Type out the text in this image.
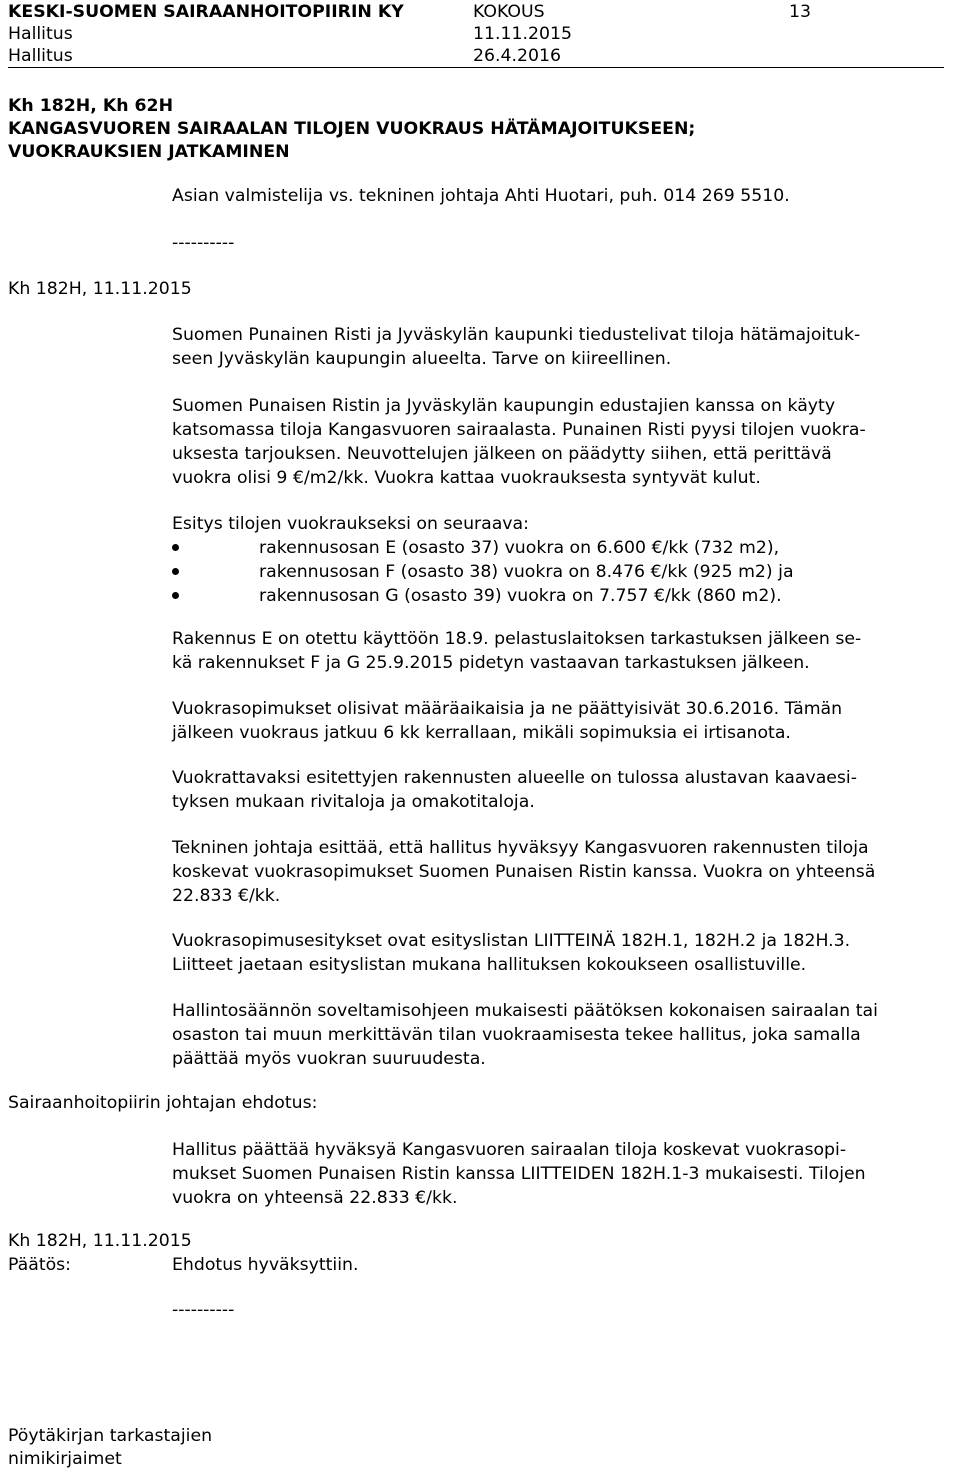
KESKI-SUOMEN SAIRAANHOITOPIIRIN KY	KOKOUS	13
Hallitus	11.11.2015
Hallitus	26.4.2016
Kh 182H, Kh 62H
KANGASVUOREN SAIRAALAN TILOJEN VUOKRAUS HÄTÄMAJOITUKSEEN;
VUOKRAUKSIEN JATKAMINEN
Asian valmistelija vs. tekninen johtaja Ahti Huotari, puh. 014 269 5510.
----------
Kh 182H, 11.11.2015
Suomen Punainen Risti ja Jyväskylän kaupunki tiedustelivat tiloja hätämajoituk-
seen Jyväskylän kaupungin alueelta. Tarve on kiireellinen.
Suomen Punaisen Ristin ja Jyväskylän kaupungin edustajien kanssa on käyty
katsomassa tiloja Kangasvuoren sairaalasta. Punainen Risti pyysi tilojen vuokra-
uksesta tarjouksen. Neuvottelujen jälkeen on päädytty siihen, että perittävä
vuokra olisi 9 €/m2/kk. Vuokra kattaa vuokrauksesta syntyvät kulut.
Esitys tilojen vuokraukseksi on seuraava:
rakennusosan E (osasto 37) vuokra on 6.600 €/kk (732 m2),
rakennusosan F (osasto 38) vuokra on 8.476 €/kk (925 m2) ja
rakennusosan G (osasto 39) vuokra on 7.757 €/kk (860 m2).
Rakennus E on otettu käyttöön 18.9. pelastuslaitoksen tarkastuksen jälkeen se-
kä rakennukset F ja G 25.9.2015 pidetyn vastaavan tarkastuksen jälkeen.
Vuokrasopimukset olisivat määräaikaisia ja ne päättyisivät 30.6.2016. Tämän
jälkeen vuokraus jatkuu 6 kk kerrallaan, mikäli sopimuksia ei irtisanota.
Vuokrattavaksi esitettyjen rakennusten alueelle on tulossa alustavan kaavaesi-
tyksen mukaan rivitaloja ja omakotitaloja.
Tekninen johtaja esittää, että hallitus hyväksyy Kangasvuoren rakennusten tiloja
koskevat vuokrasopimukset Suomen Punaisen Ristin kanssa. Vuokra on yhteensä
22.833 €/kk.
Vuokrasopimusesitykset ovat esityslistan LIITTEINÄ 182H.1, 182H.2 ja 182H.3.
Liitteet jaetaan esityslistan mukana hallituksen kokoukseen osallistuville.
Hallintosäännön soveltamisohjeen mukaisesti päätöksen kokonaisen sairaalan tai
osaston tai muun merkittävän tilan vuokraamisesta tekee hallitus, joka samalla
päättää myös vuokran suuruudesta.
Sairaanhoitopiirin johtajan ehdotus:
Hallitus päättää hyväksyä Kangasvuoren sairaalan tiloja koskevat vuokrasopi-
mukset Suomen Punaisen Ristin kanssa LIITTEIDEN 182H.1-3 mukaisesti. Tilojen
vuokra on yhteensä 22.833 €/kk.
Kh 182H, 11.11.2015
Päätös:	Ehdotus hyväksyttiin.
----------
Pöytäkirjan tarkastajien
nimikirjaimet
